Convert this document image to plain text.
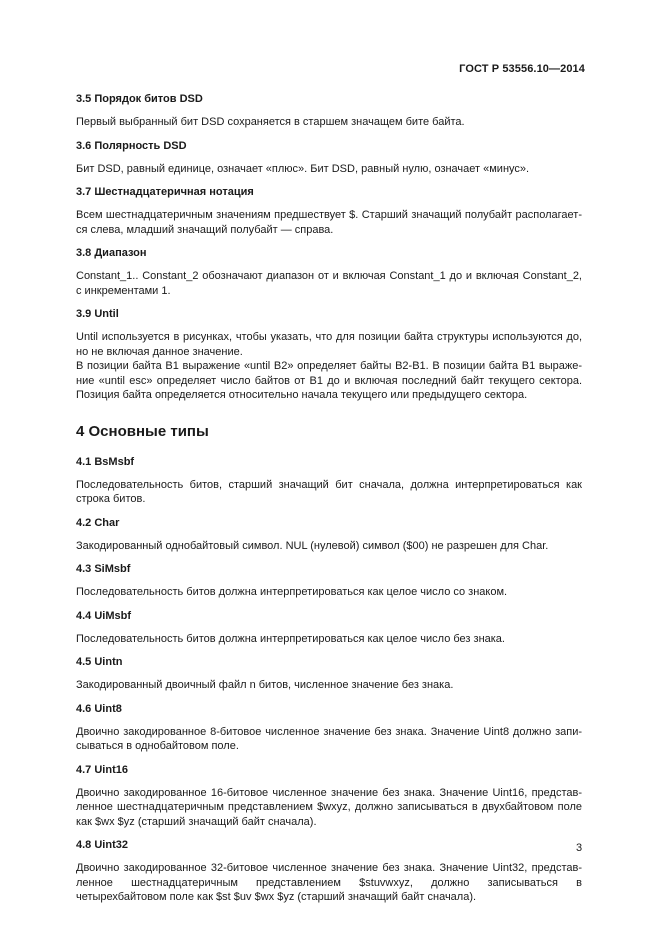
ГОСТ Р 53556.10—2014
3.5 Порядок битов DSD

Первый выбранный бит DSD сохраняется в старшем значащем бите байта.

3.6 Полярность DSD

Бит DSD, равный единице, означает «плюс». Бит DSD, равный нулю, означает «минус».

3.7 Шестнадцатеричная нотация

Всем шестнадцатеричным значениям предшествует $. Старший значащий полубайт располагает-ся слева, младший значащий полубайт — справа.

3.8 Диапазон

Constant_1.. Constant_2 обозначают диапазон от и включая Constant_1 до и включая Constant_2, с инкрементами 1.

3.9 Until

Until используется в рисунках, чтобы указать, что для позиции байта структуры используются до, но не включая данное значение.

В позиции байта B1 выражение «until B2» определяет байты B2-B1. В позиции байта B1 выраже-ние «until esc» определяет число байтов от B1 до и включая последний байт текущего сектора. Позиция байта определяется относительно начала текущего или предыдущего сектора.

4 Основные типы
4.1 BsMsbf

Последовательность битов, старший значащий бит сначала, должна интерпретироваться как строка битов.

4.2 Char

Закодированный однобайтовый символ. NUL (нулевой) символ ($00) не разрешен для Char.

4.3 SiMsbf

Последовательность битов должна интерпретироваться как целое число со знаком.

4.4 UiMsbf

Последовательность битов должна интерпретироваться как целое число без знака.

4.5 Uintn

Закодированный двоичный файл n битов, численное значение без знака.

4.6 Uint8

Двоично закодированное 8-битовое численное значение без знака. Значение Uint8 должно запи-сываться в однобайтовом поле.

4.7 Uint16

Двоично закодированное 16-битовое численное значение без знака. Значение Uint16, представ-ленное шестнадцатеричным представлением $wxyz, должно записываться в двухбайтовом поле как $wx $yz (старший значащий байт сначала).

4.8 Uint32

Двоично закодированное 32-битовое численное значение без знака. Значение Uint32, представ-ленное шестнадцатеричным представлением $stuvwxyz, должно записываться в четырехбайтовом поле как $st $uv $wx $yz (старший значащий байт сначала).

3
